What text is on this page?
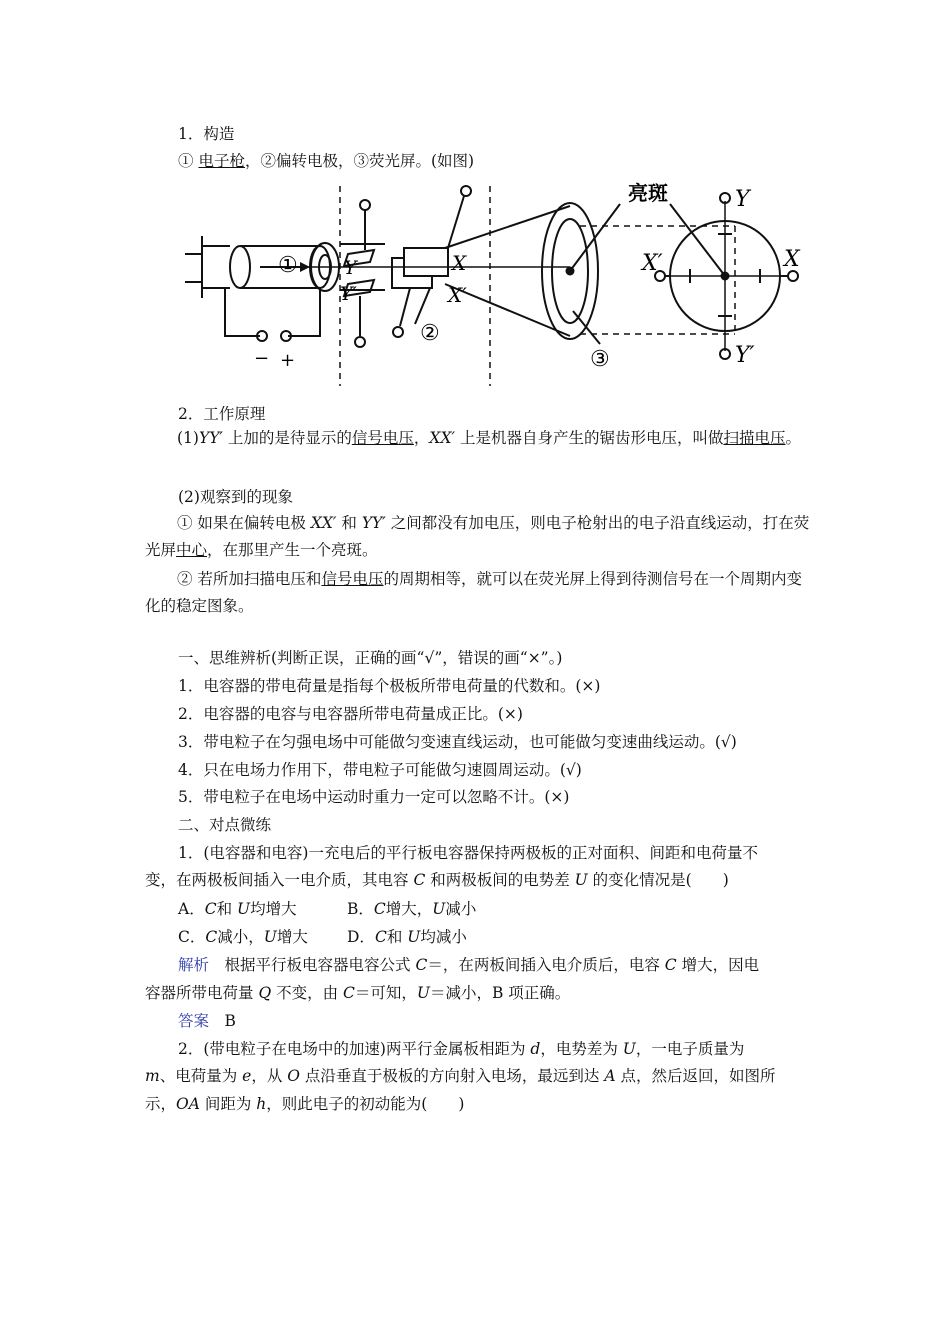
1．构造
① 电子枪，②偏转电极，③荧光屏。(如图)
亮斑	Y
Y′
X
X′
X
X′
Y
Y′
①
②
③
− +
2．工作原理
(1)YY′ 上加的是待显示的信号电压，XX′ 上是机器自身产生的锯齿形电压，叫做扫描电压。
(2)观察到的现象
① 如果在偏转电极 XX′ 和 YY′ 之间都没有加电压，则电子枪射出的电子沿直线运动，打在荧光屏中心，在那里产生一个亮斑。
② 若所加扫描电压和信号电压的周期相等，就可以在荧光屏上得到待测信号在一个周期内变化的稳定图象。
一、思维辨析(判断正误，正确的画“√”，错误的画“×”。)
1．电容器的带电荷量是指每个极板所带电荷量的代数和。(×)
2．电容器的电容与电容器所带电荷量成正比。(×)
3．带电粒子在匀强电场中可能做匀变速直线运动，也可能做匀变速曲线运动。(√)
4．只在电场力作用下，带电粒子可能做匀速圆周运动。(√)
5．带电粒子在电场中运动时重力一定可以忽略不计。(×)
二、对点微练
1．(电容器和电容)一充电后的平行板电容器保持两极板的正对面积、间距和电荷量不
变，在两极板间插入一电介质，其电容 C 和两极板间的电势差 U 的变化情况是(　　)
A．C和 U均增大	B．C增大，U减小
C．C减小，U增大	D．C和 U均减小
解析　根据平行板电容器电容公式 C＝，在两板间插入电介质后，电容 C 增大，因电
容器所带电荷量 Q 不变，由 C＝可知，U＝减小，B 项正确。
答案　B
2．(带电粒子在电场中的加速)两平行金属板相距为 d，电势差为 U，一电子质量为
m、电荷量为 e，从 O 点沿垂直于极板的方向射入电场，最远到达 A 点，然后返回，如图所
示，OA 间距为 h，则此电子的初动能为(　　)
